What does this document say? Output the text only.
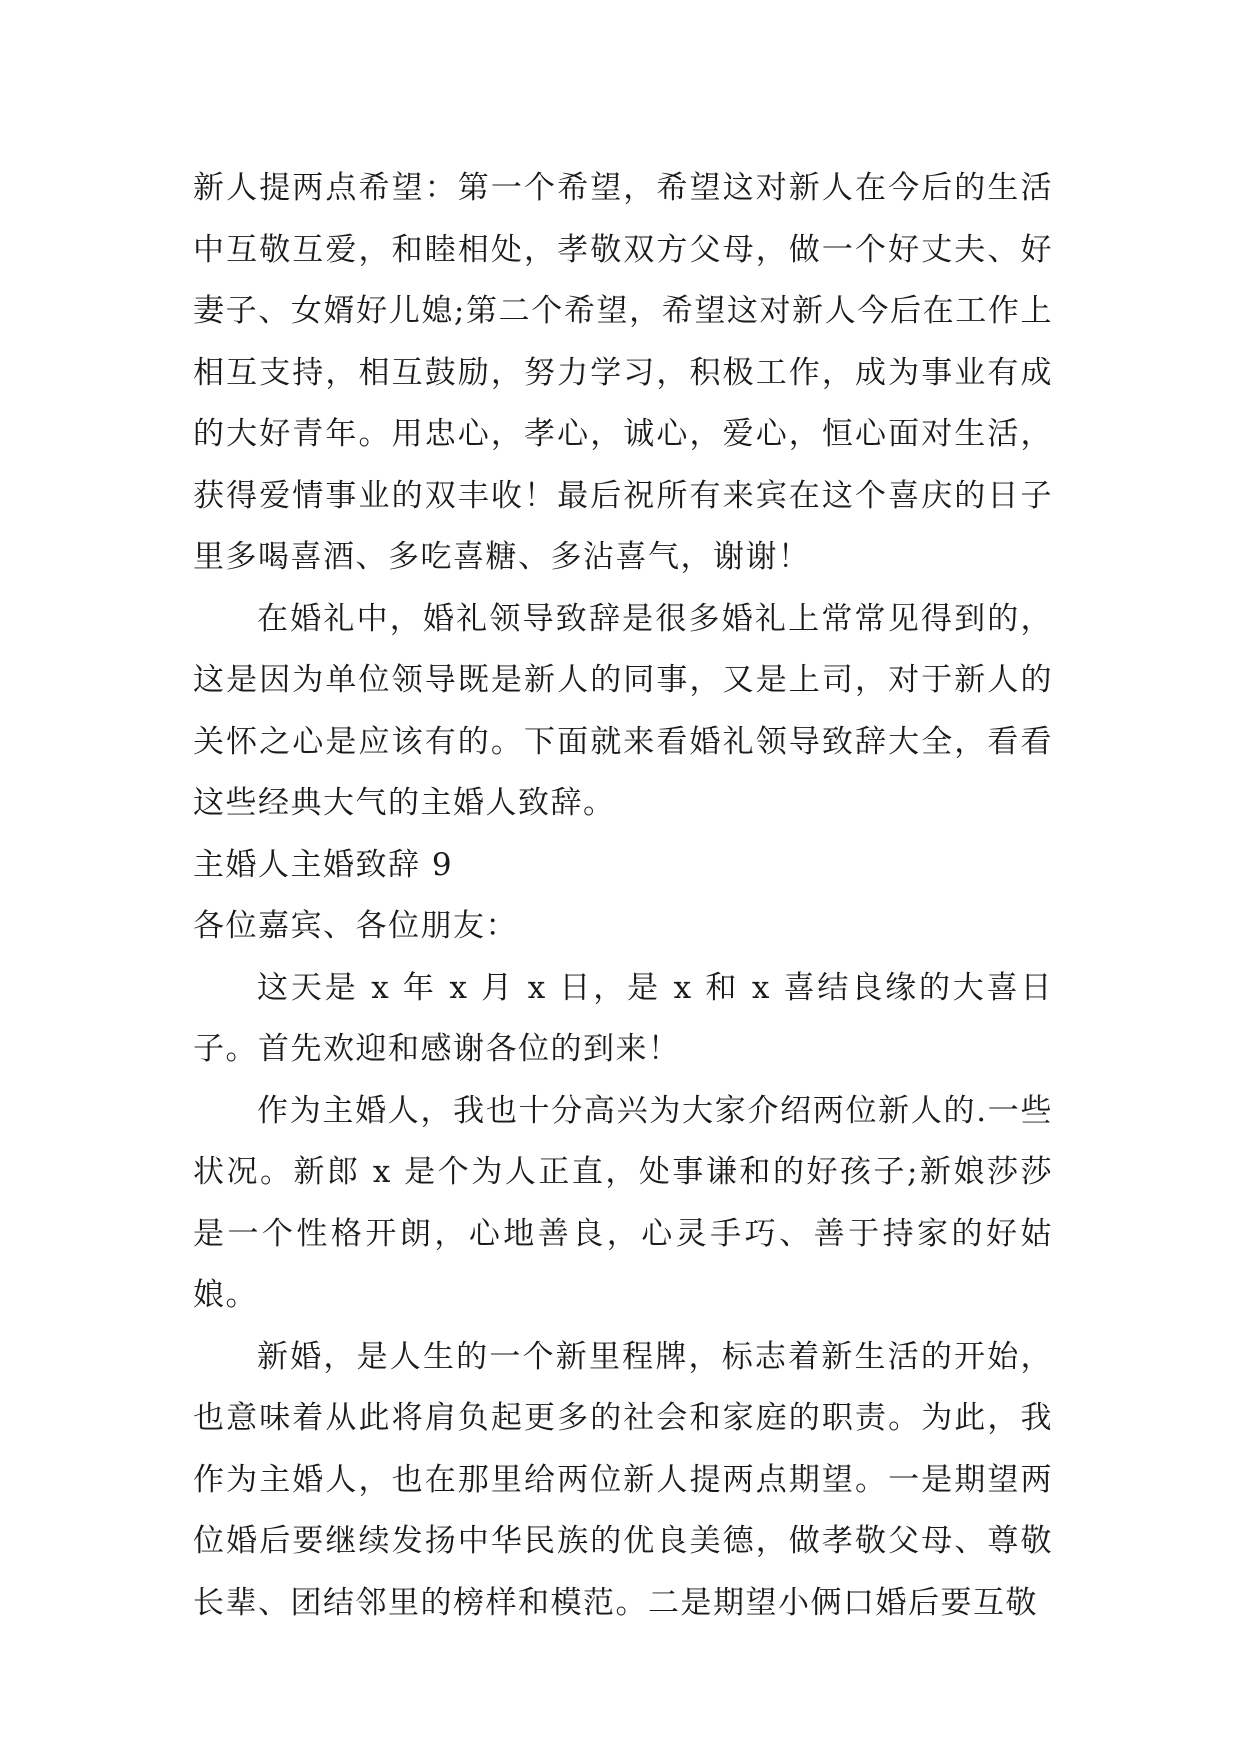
新人提两点希望：第一个希望，希望这对新人在今后的生活中互敬互爱，和睦相处，孝敬双方父母，做一个好丈夫、好妻子、女婿好儿媳;第二个希望，希望这对新人今后在工作上相互支持，相互鼓励，努力学习，积极工作，成为事业有成的大好青年。用忠心，孝心，诚心，爱心，恒心面对生活，获得爱情事业的双丰收！最后祝所有来宾在这个喜庆的日子里多喝喜酒、多吃喜糖、多沾喜气，谢谢！

在婚礼中，婚礼领导致辞是很多婚礼上常常见得到的，这是因为单位领导既是新人的同事，又是上司，对于新人的关怀之心是应该有的。下面就来看婚礼领导致辞大全，看看这些经典大气的主婚人致辞。

主婚人主婚致辞 9

各位嘉宾、各位朋友：

这天是 x 年 x 月 x 日，是 x 和 x 喜结良缘的大喜日子。首先欢迎和感谢各位的到来！

作为主婚人，我也十分高兴为大家介绍两位新人的.一些状况。新郎 x 是个为人正直，处事谦和的好孩子;新娘莎莎是一个性格开朗，心地善良，心灵手巧、善于持家的好姑娘。

新婚，是人生的一个新里程牌，标志着新生活的开始，也意味着从此将肩负起更多的社会和家庭的职责。为此，我作为主婚人，也在那里给两位新人提两点期望。一是期望两位婚后要继续发扬中华民族的优良美德，做孝敬父母、尊敬长辈、团结邻里的榜样和模范。二是期望小俩口婚后要互敬
